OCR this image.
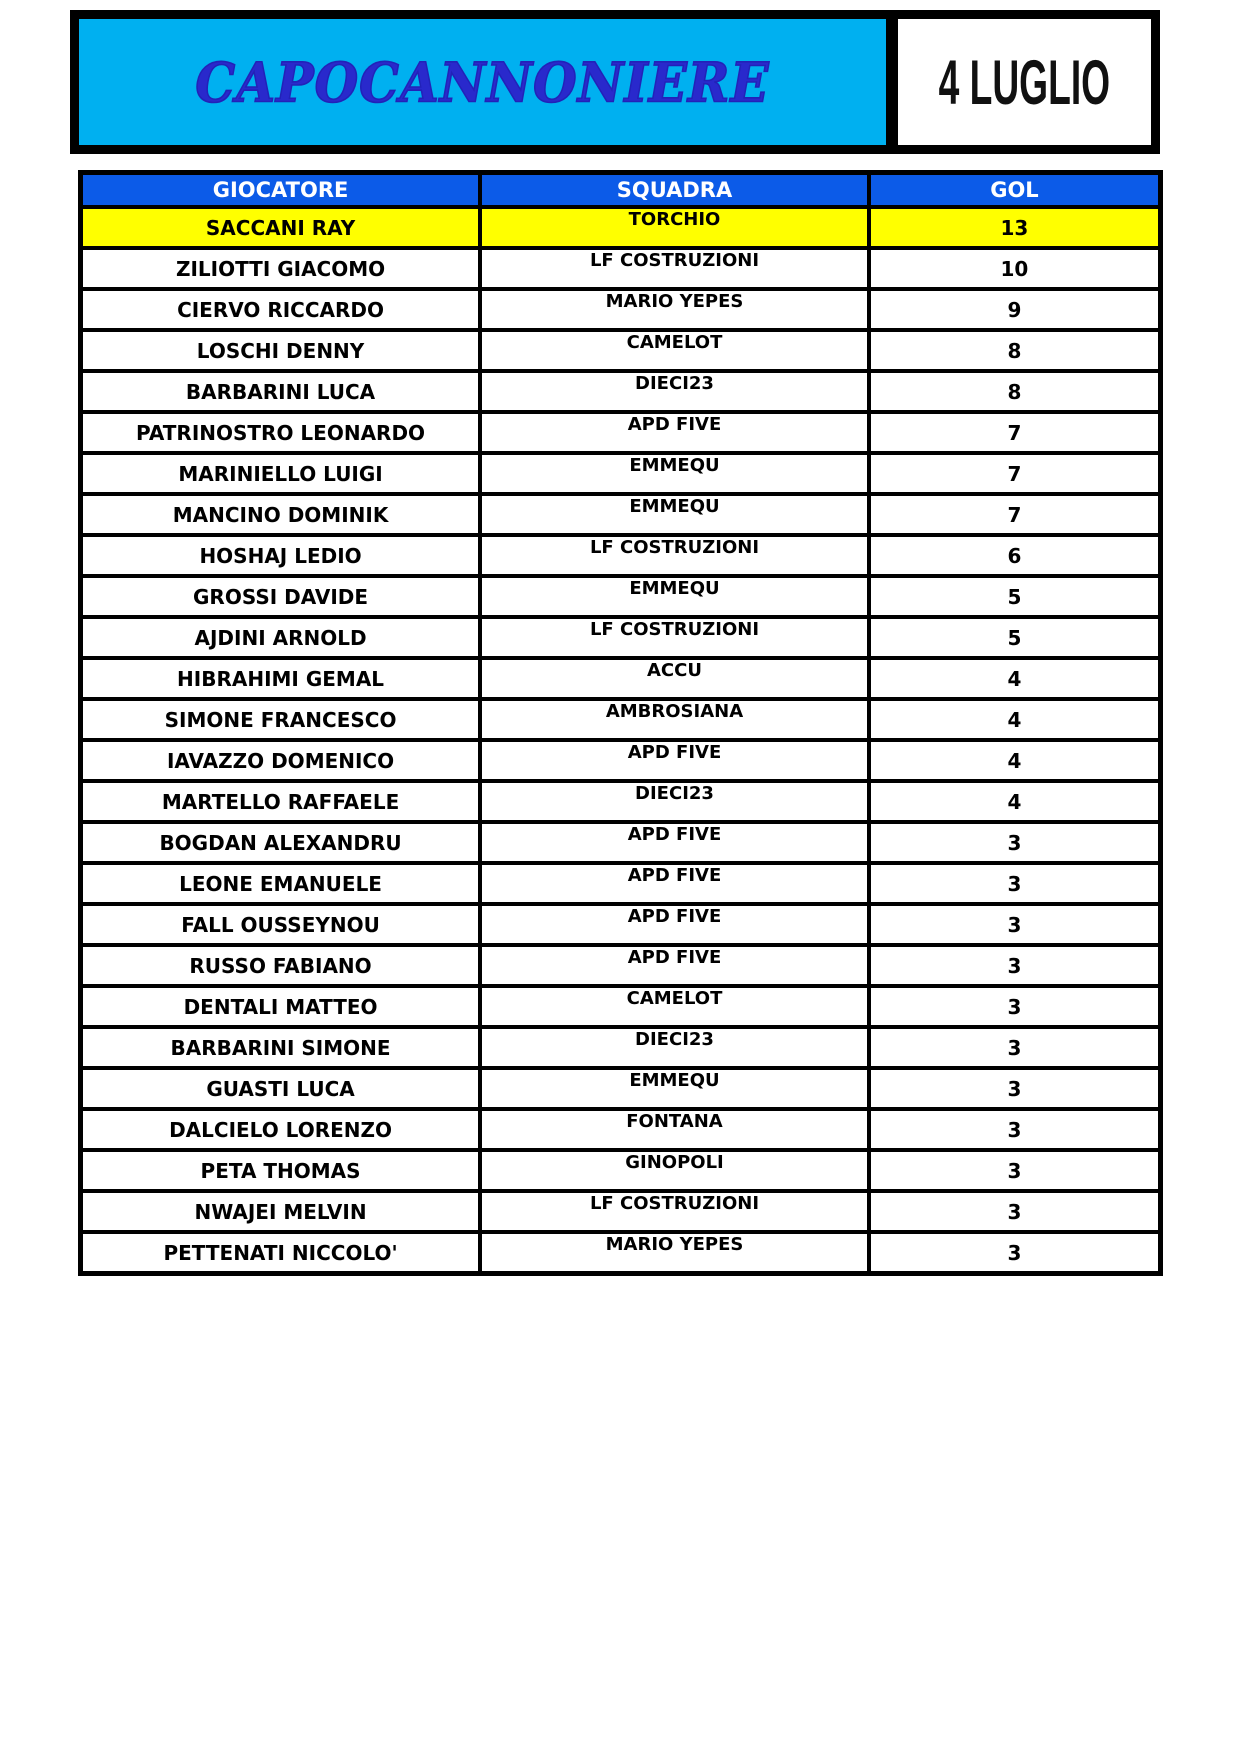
CAPOCANNONIERE	4 LUGLIO
GIOCATORE	SQUADRA	GOL
SACCANI RAY	TORCHIO	13
ZILIOTTI GIACOMO	LF COSTRUZIONI	10
CIERVO RICCARDO	MARIO YEPES	9
LOSCHI DENNY	CAMELOT	8
BARBARINI LUCA	DIECI23	8
PATRINOSTRO LEONARDO	APD FIVE	7
MARINIELLO LUIGI	EMMEQU	7
MANCINO DOMINIK	EMMEQU	7
HOSHAJ LEDIO	LF COSTRUZIONI	6
GROSSI DAVIDE	EMMEQU	5
AJDINI ARNOLD	LF COSTRUZIONI	5
HIBRAHIMI GEMAL	ACCU	4
SIMONE FRANCESCO	AMBROSIANA	4
IAVAZZO DOMENICO	APD FIVE	4
MARTELLO RAFFAELE	DIECI23	4
BOGDAN ALEXANDRU	APD FIVE	3
LEONE EMANUELE	APD FIVE	3
FALL OUSSEYNOU	APD FIVE	3
RUSSO FABIANO	APD FIVE	3
DENTALI MATTEO	CAMELOT	3
BARBARINI SIMONE	DIECI23	3
GUASTI LUCA	EMMEQU	3
DALCIELO LORENZO	FONTANA	3
PETA THOMAS	GINOPOLI	3
NWAJEI MELVIN	LF COSTRUZIONI	3
PETTENATI NICCOLO'	MARIO YEPES	3
